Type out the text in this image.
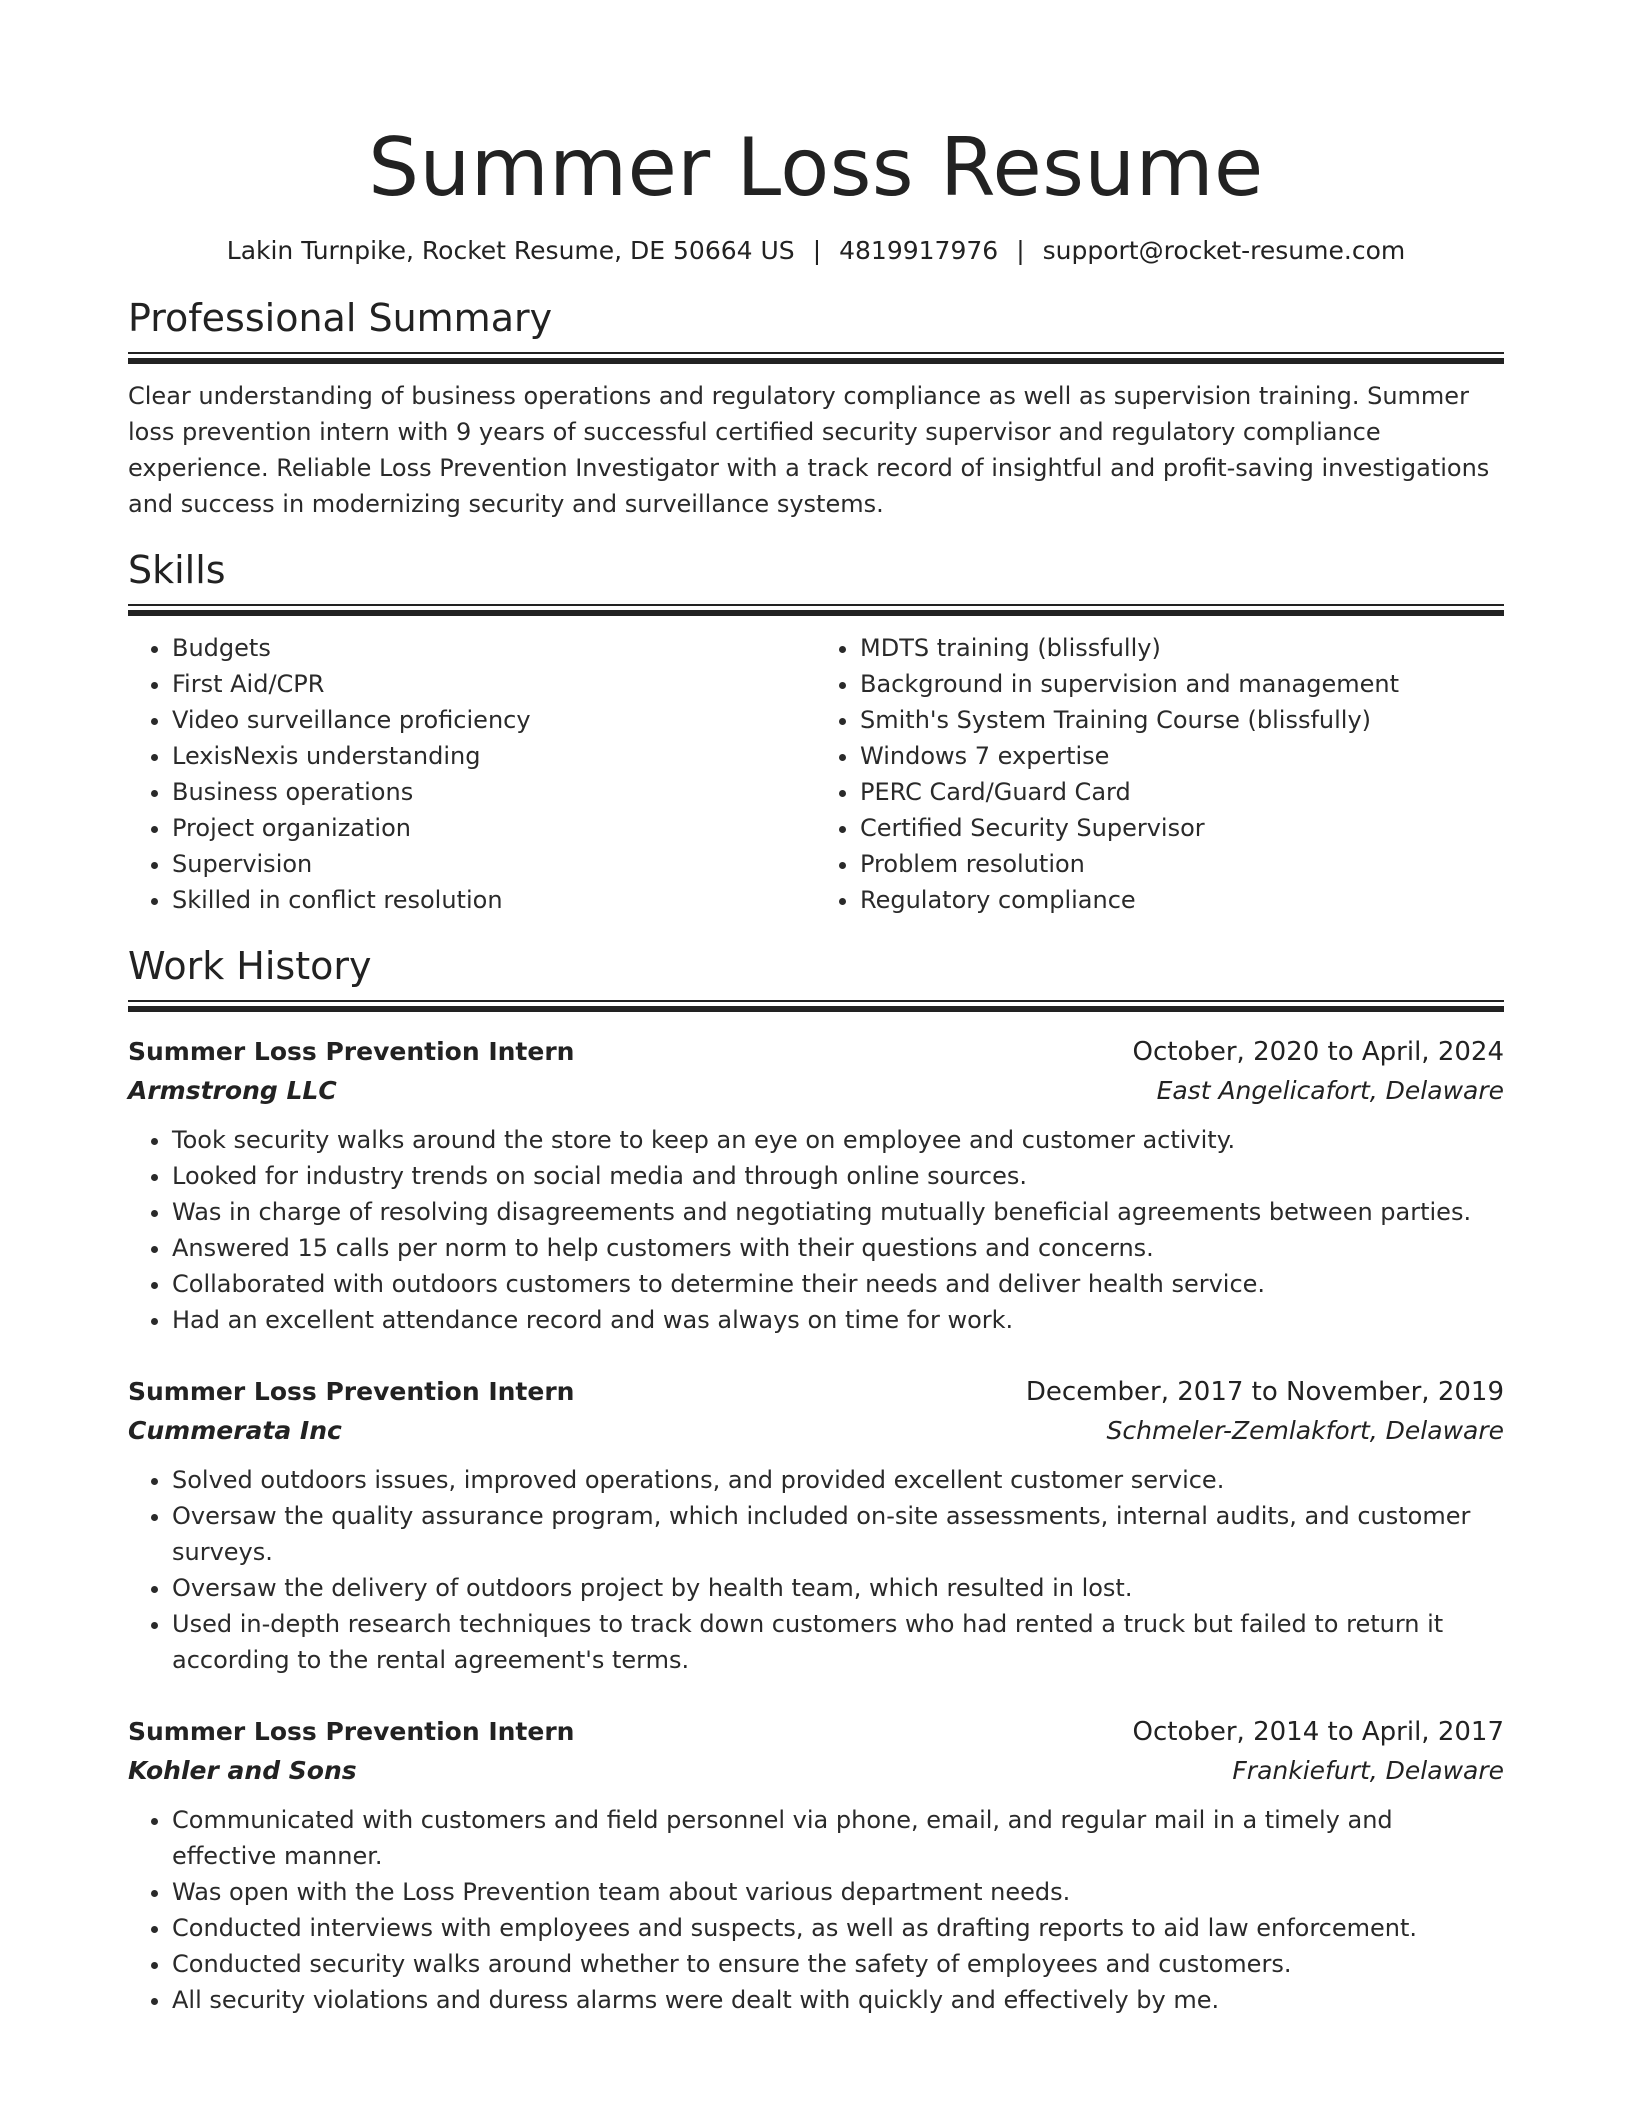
Summer Loss Resume
Lakin Turnpike, Rocket Resume, DE 50664 US | 4819917976 | support@rocket-resume.com
Professional Summary

Clear understanding of business operations and regulatory compliance as well as supervision training. Summer loss prevention intern with 9 years of successful certified security supervisor and regulatory compliance experience. Reliable Loss Prevention Investigator with a track record of insightful and profit-saving investigations and success in modernizing security and surveillance systems.

Skills
• Budgets
• First Aid/CPR
• Video surveillance proficiency
• LexisNexis understanding
• Business operations
• Project organization
• Supervision
• Skilled in conflict resolution
• MDTS training (blissfully)
• Background in supervision and management
• Smith's System Training Course (blissfully)
• Windows 7 expertise
• PERC Card/Guard Card
• Certified Security Supervisor
• Problem resolution
• Regulatory compliance
Work History
Summer Loss Prevention Intern	October, 2020 to April, 2024
Armstrong LLC	East Angelicafort, Delaware
• Took security walks around the store to keep an eye on employee and customer activity.
• Looked for industry trends on social media and through online sources.
• Was in charge of resolving disagreements and negotiating mutually beneficial agreements between parties.
• Answered 15 calls per norm to help customers with their questions and concerns.
• Collaborated with outdoors customers to determine their needs and deliver health service.
• Had an excellent attendance record and was always on time for work.
Summer Loss Prevention Intern	December, 2017 to November, 2019
Cummerata Inc	Schmeler-Zemlakfort, Delaware
• Solved outdoors issues, improved operations, and provided excellent customer service.
• Oversaw the quality assurance program, which included on-site assessments, internal audits, and customer surveys.
• Oversaw the delivery of outdoors project by health team, which resulted in lost.
• Used in-depth research techniques to track down customers who had rented a truck but failed to return it according to the rental agreement's terms.
Summer Loss Prevention Intern	October, 2014 to April, 2017
Kohler and Sons	Frankiefurt, Delaware
• Communicated with customers and field personnel via phone, email, and regular mail in a timely and effective manner.
• Was open with the Loss Prevention team about various department needs.
• Conducted interviews with employees and suspects, as well as drafting reports to aid law enforcement.
• Conducted security walks around whether to ensure the safety of employees and customers.
• All security violations and duress alarms were dealt with quickly and effectively by me.
